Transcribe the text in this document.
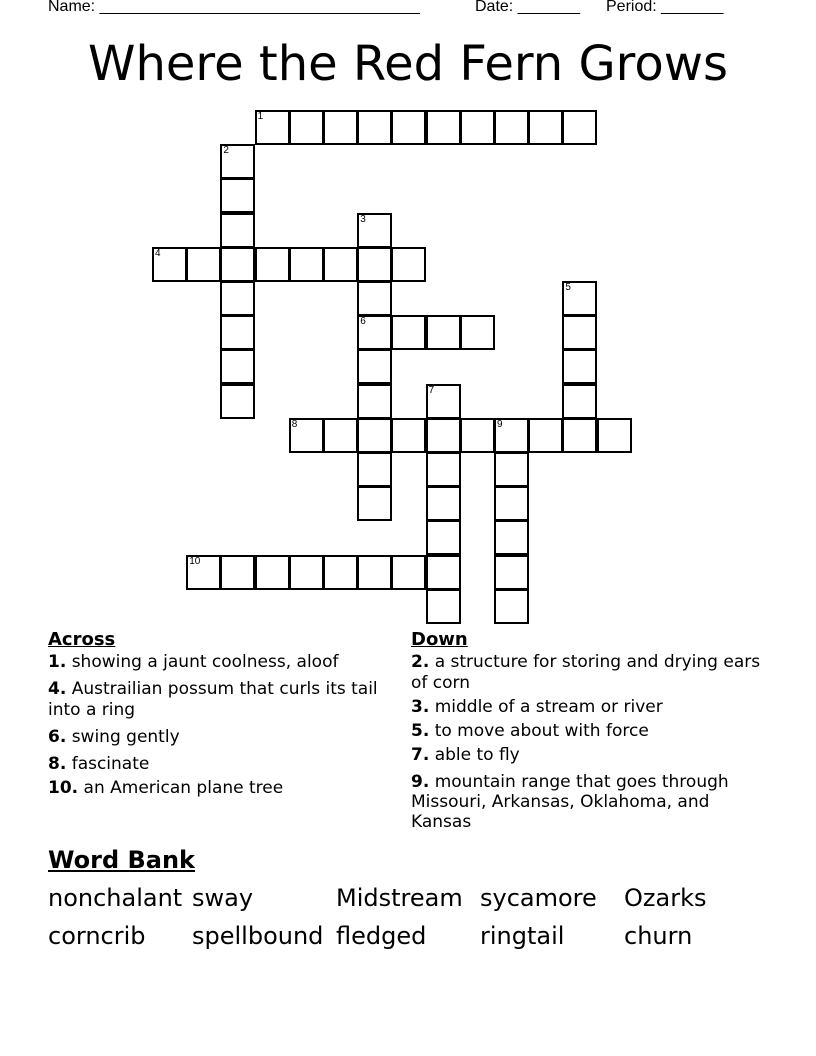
Name: ____________________________________	Date: _______ Period: _______
Where the Red Fern Grows
1
2
3
6
4
5
7
8	9
10
Across
1. showing a jaunt coolness, aloof
4. Austrailian possum that curls its tail into a ring
6. swing gently
8. fascinate
10. an American plane tree
Down
2. a structure for storing and drying ears of corn
3. middle of a stream or river
5. to move about with force
7. able to fly
9. mountain range that goes through Missouri, Arkansas, Oklahoma, and Kansas
Word Bank
nonchalant sway	Midstream sycamore Ozarks
corncrib spellbound fledged ringtail churn
